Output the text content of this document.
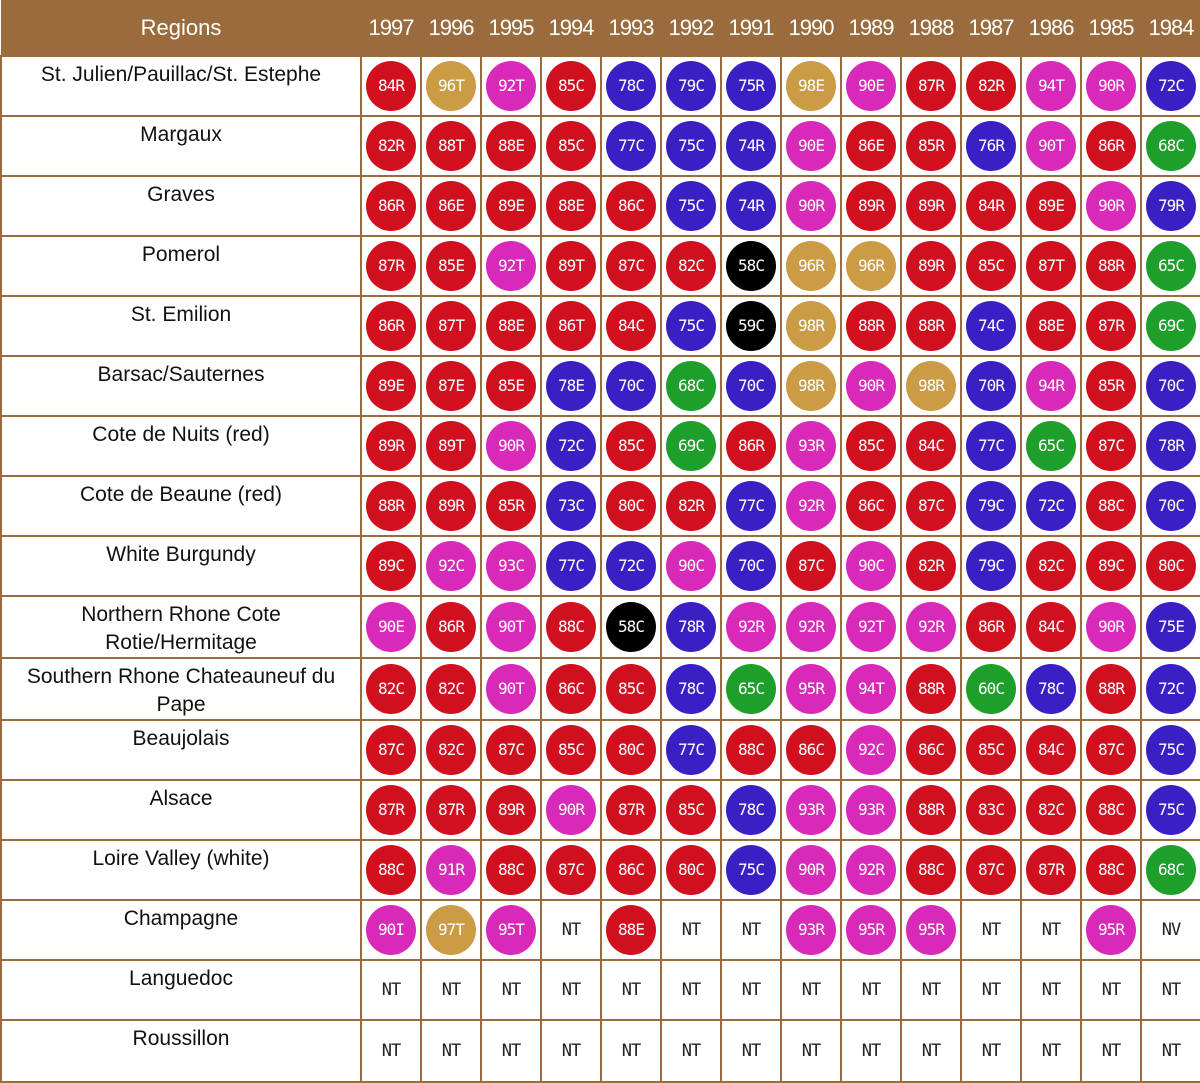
Regions	1997	1996	1995	1994	1993	1992	1991	1990	1989	1988	1987	1986	1985	1984
St. Julien/Pauillac/St. Estephe	84R	96T	92T	85C	78C	79C	75R	98E	90E	87R	82R	94T	90R	72C
Margaux	82R	88T	88E	85C	77C	75C	74R	90E	86E	85R	76R	90T	86R	68C
Graves	86R	86E	89E	88E	86C	75C	74R	90R	89R	89R	84R	89E	90R	79R
Pomerol	87R	85E	92T	89T	87C	82C	58C	96R	96R	89R	85C	87T	88R	65C
St. Emilion	86R	87T	88E	86T	84C	75C	59C	98R	88R	88R	74C	88E	87R	69C
Barsac/Sauternes	89E	87E	85E	78E	70C	68C	70C	98R	90R	98R	70R	94R	85R	70C
Cote de Nuits (red)	89R	89T	90R	72C	85C	69C	86R	93R	85C	84C	77C	65C	87C	78R
Cote de Beaune (red)	88R	89R	85R	73C	80C	82R	77C	92R	86C	87C	79C	72C	88C	70C
White Burgundy	89C	92C	93C	77C	72C	90C	70C	87C	90C	82R	79C	82C	89C	80C
Northern Rhone Cote Rotie/Hermitage	90E	86R	90T	88C	58C	78R	92R	92R	92T	92R	86R	84C	90R	75E
Southern Rhone Chateauneuf du Pape	82C	82C	90T	86C	85C	78C	65C	95R	94T	88R	60C	78C	88R	72C
Beaujolais	87C	82C	87C	85C	80C	77C	88C	86C	92C	86C	85C	84C	87C	75C
Alsace	87R	87R	89R	90R	87R	85C	78C	93R	93R	88R	83C	82C	88C	75C
Loire Valley (white)	88C	91R	88C	87C	86C	80C	75C	90R	92R	88C	87C	87R	88C	68C
Champagne	90I	97T	95T	NT	88E	NT	NT	93R	95R	95R	NT	NT	95R	NV
Languedoc	NT	NT	NT	NT	NT	NT	NT	NT	NT	NT	NT	NT	NT	NT
Roussillon	NT	NT	NT	NT	NT	NT	NT	NT	NT	NT	NT	NT	NT	NT
